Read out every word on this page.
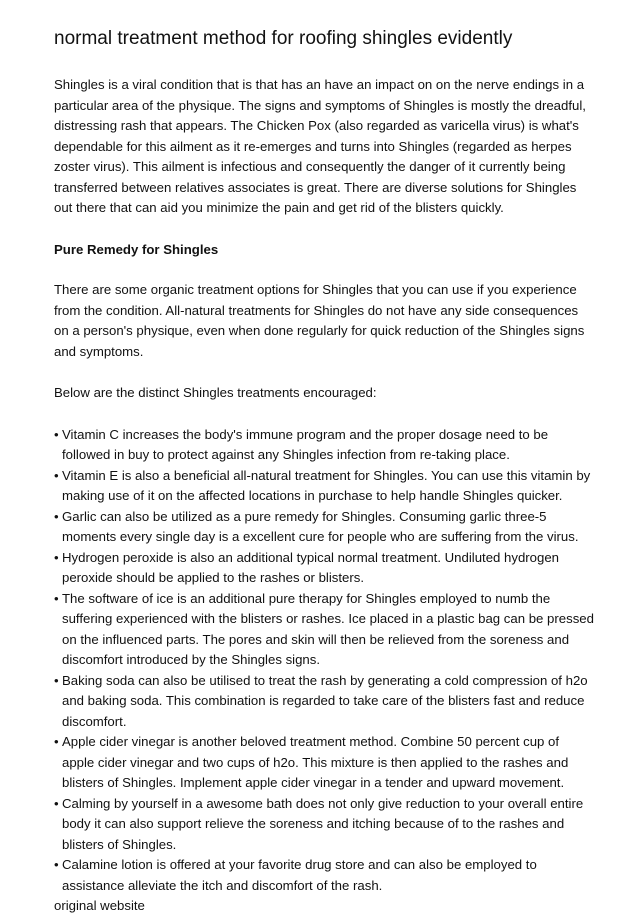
normal treatment method for roofing shingles evidently

Shingles is a viral condition that is that has an have an impact on on the nerve endings in a particular area of the physique. The signs and symptoms of Shingles is mostly the dreadful, distressing rash that appears. The Chicken Pox (also regarded as varicella virus) is what's dependable for this ailment as it re-emerges and turns into Shingles (regarded as herpes zoster virus). This ailment is infectious and consequently the danger of it currently being transferred between relatives associates is great. There are diverse solutions for Shingles out there that can aid you minimize the pain and get rid of the blisters quickly.

Pure Remedy for Shingles

There are some organic treatment options for Shingles that you can use if you experience from the condition. All-natural treatments for Shingles do not have any side consequences on a person's physique, even when done regularly for quick reduction of the Shingles signs and symptoms.

Below are the distinct Shingles treatments encouraged:

• Vitamin C increases the body's immune program and the proper dosage need to be followed in buy to protect against any Shingles infection from re-taking place.
• Vitamin E is also a beneficial all-natural treatment for Shingles. You can use this vitamin by making use of it on the affected locations in purchase to help handle Shingles quicker.
• Garlic can also be utilized as a pure remedy for Shingles. Consuming garlic three-5 moments every single day is a excellent cure for people who are suffering from the virus.
• Hydrogen peroxide is also an additional typical normal treatment. Undiluted hydrogen peroxide should be applied to the rashes or blisters.
• The software of ice is an additional pure therapy for Shingles employed to numb the suffering experienced with the blisters or rashes. Ice placed in a plastic bag can be pressed on the influenced parts. The pores and skin will then be relieved from the soreness and discomfort introduced by the Shingles signs.
• Baking soda can also be utilised to treat the rash by generating a cold compression of h2o and baking soda. This combination is regarded to take care of the blisters fast and reduce discomfort.
• Apple cider vinegar is another beloved treatment method. Combine 50 percent cup of apple cider vinegar and two cups of h2o. This mixture is then applied to the rashes and blisters of Shingles. Implement apple cider vinegar in a tender and upward movement.
• Calming by yourself in a awesome bath does not only give reduction to your overall entire body it can also support relieve the soreness and itching because of to the rashes and blisters of Shingles.
• Calamine lotion is offered at your favorite drug store and can also be employed to assistance alleviate the itch and discomfort of the rash.

original website
